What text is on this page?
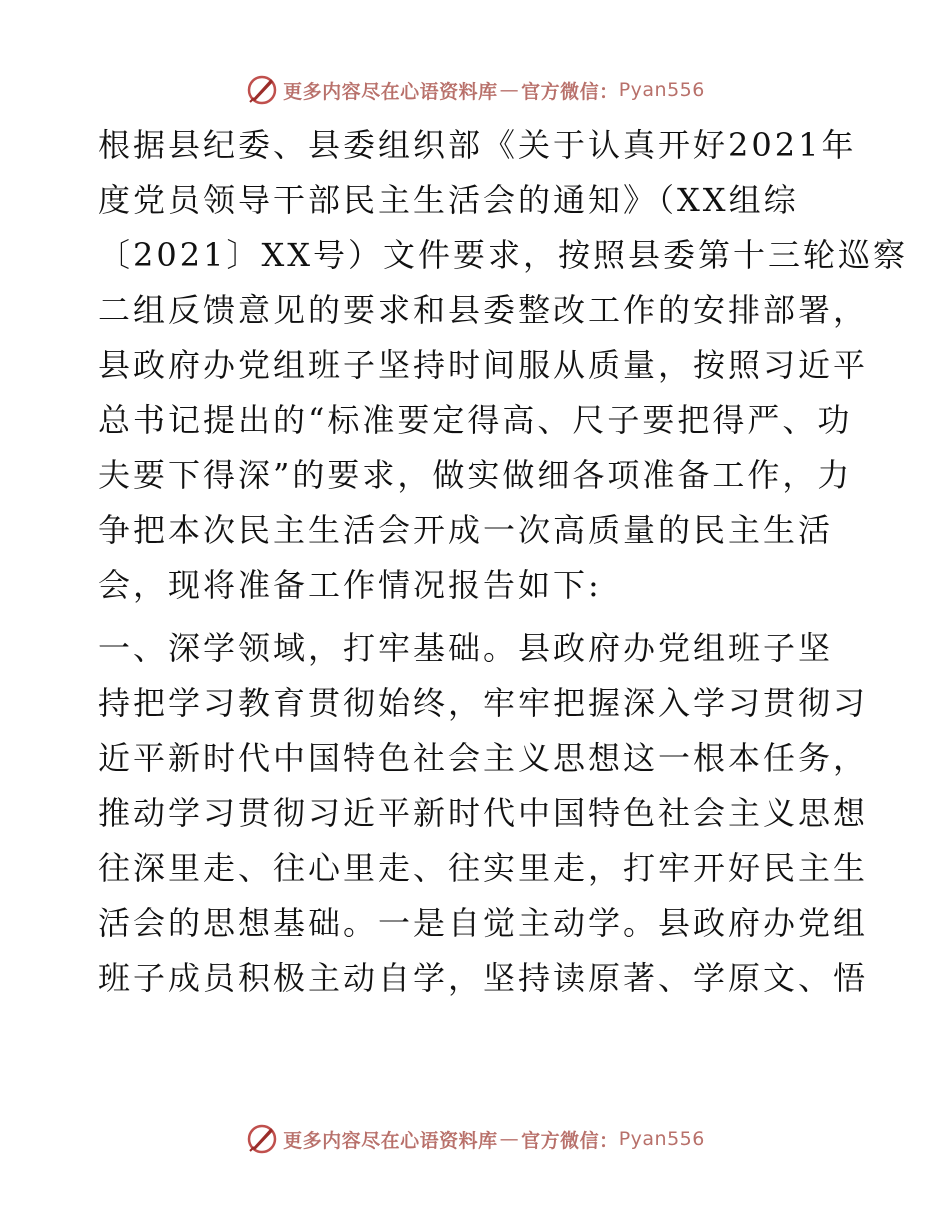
更多内容尽在心语资料库 — 官方微信： Pyan556
根据县纪委、县委组织部《关于认真开好2021年
度党员领导干部民主生活会的通知》（XX组综
〔2021〕XX号）文件要求，按照县委第十三轮巡察
二组反馈意见的要求和县委整改工作的安排部署，
县政府办党组班子坚持时间服从质量，按照习近平
总书记提出的“标准要定得高、尺子要把得严、功
夫要下得深”的要求，做实做细各项准备工作，力
争把本次民主生活会开成一次高质量的民主生活
会，现将准备工作情况报告如下:
一、深学领域，打牢基础。县政府办党组班子坚
持把学习教育贯彻始终，牢牢把握深入学习贯彻习
近平新时代中国特色社会主义思想这一根本任务，
推动学习贯彻习近平新时代中国特色社会主义思想
往深里走、往心里走、往实里走，打牢开好民主生
活会的思想基础。一是自觉主动学。县政府办党组
班子成员积极主动自学，坚持读原著、学原文、悟
更多内容尽在心语资料库 — 官方微信： Pyan556
